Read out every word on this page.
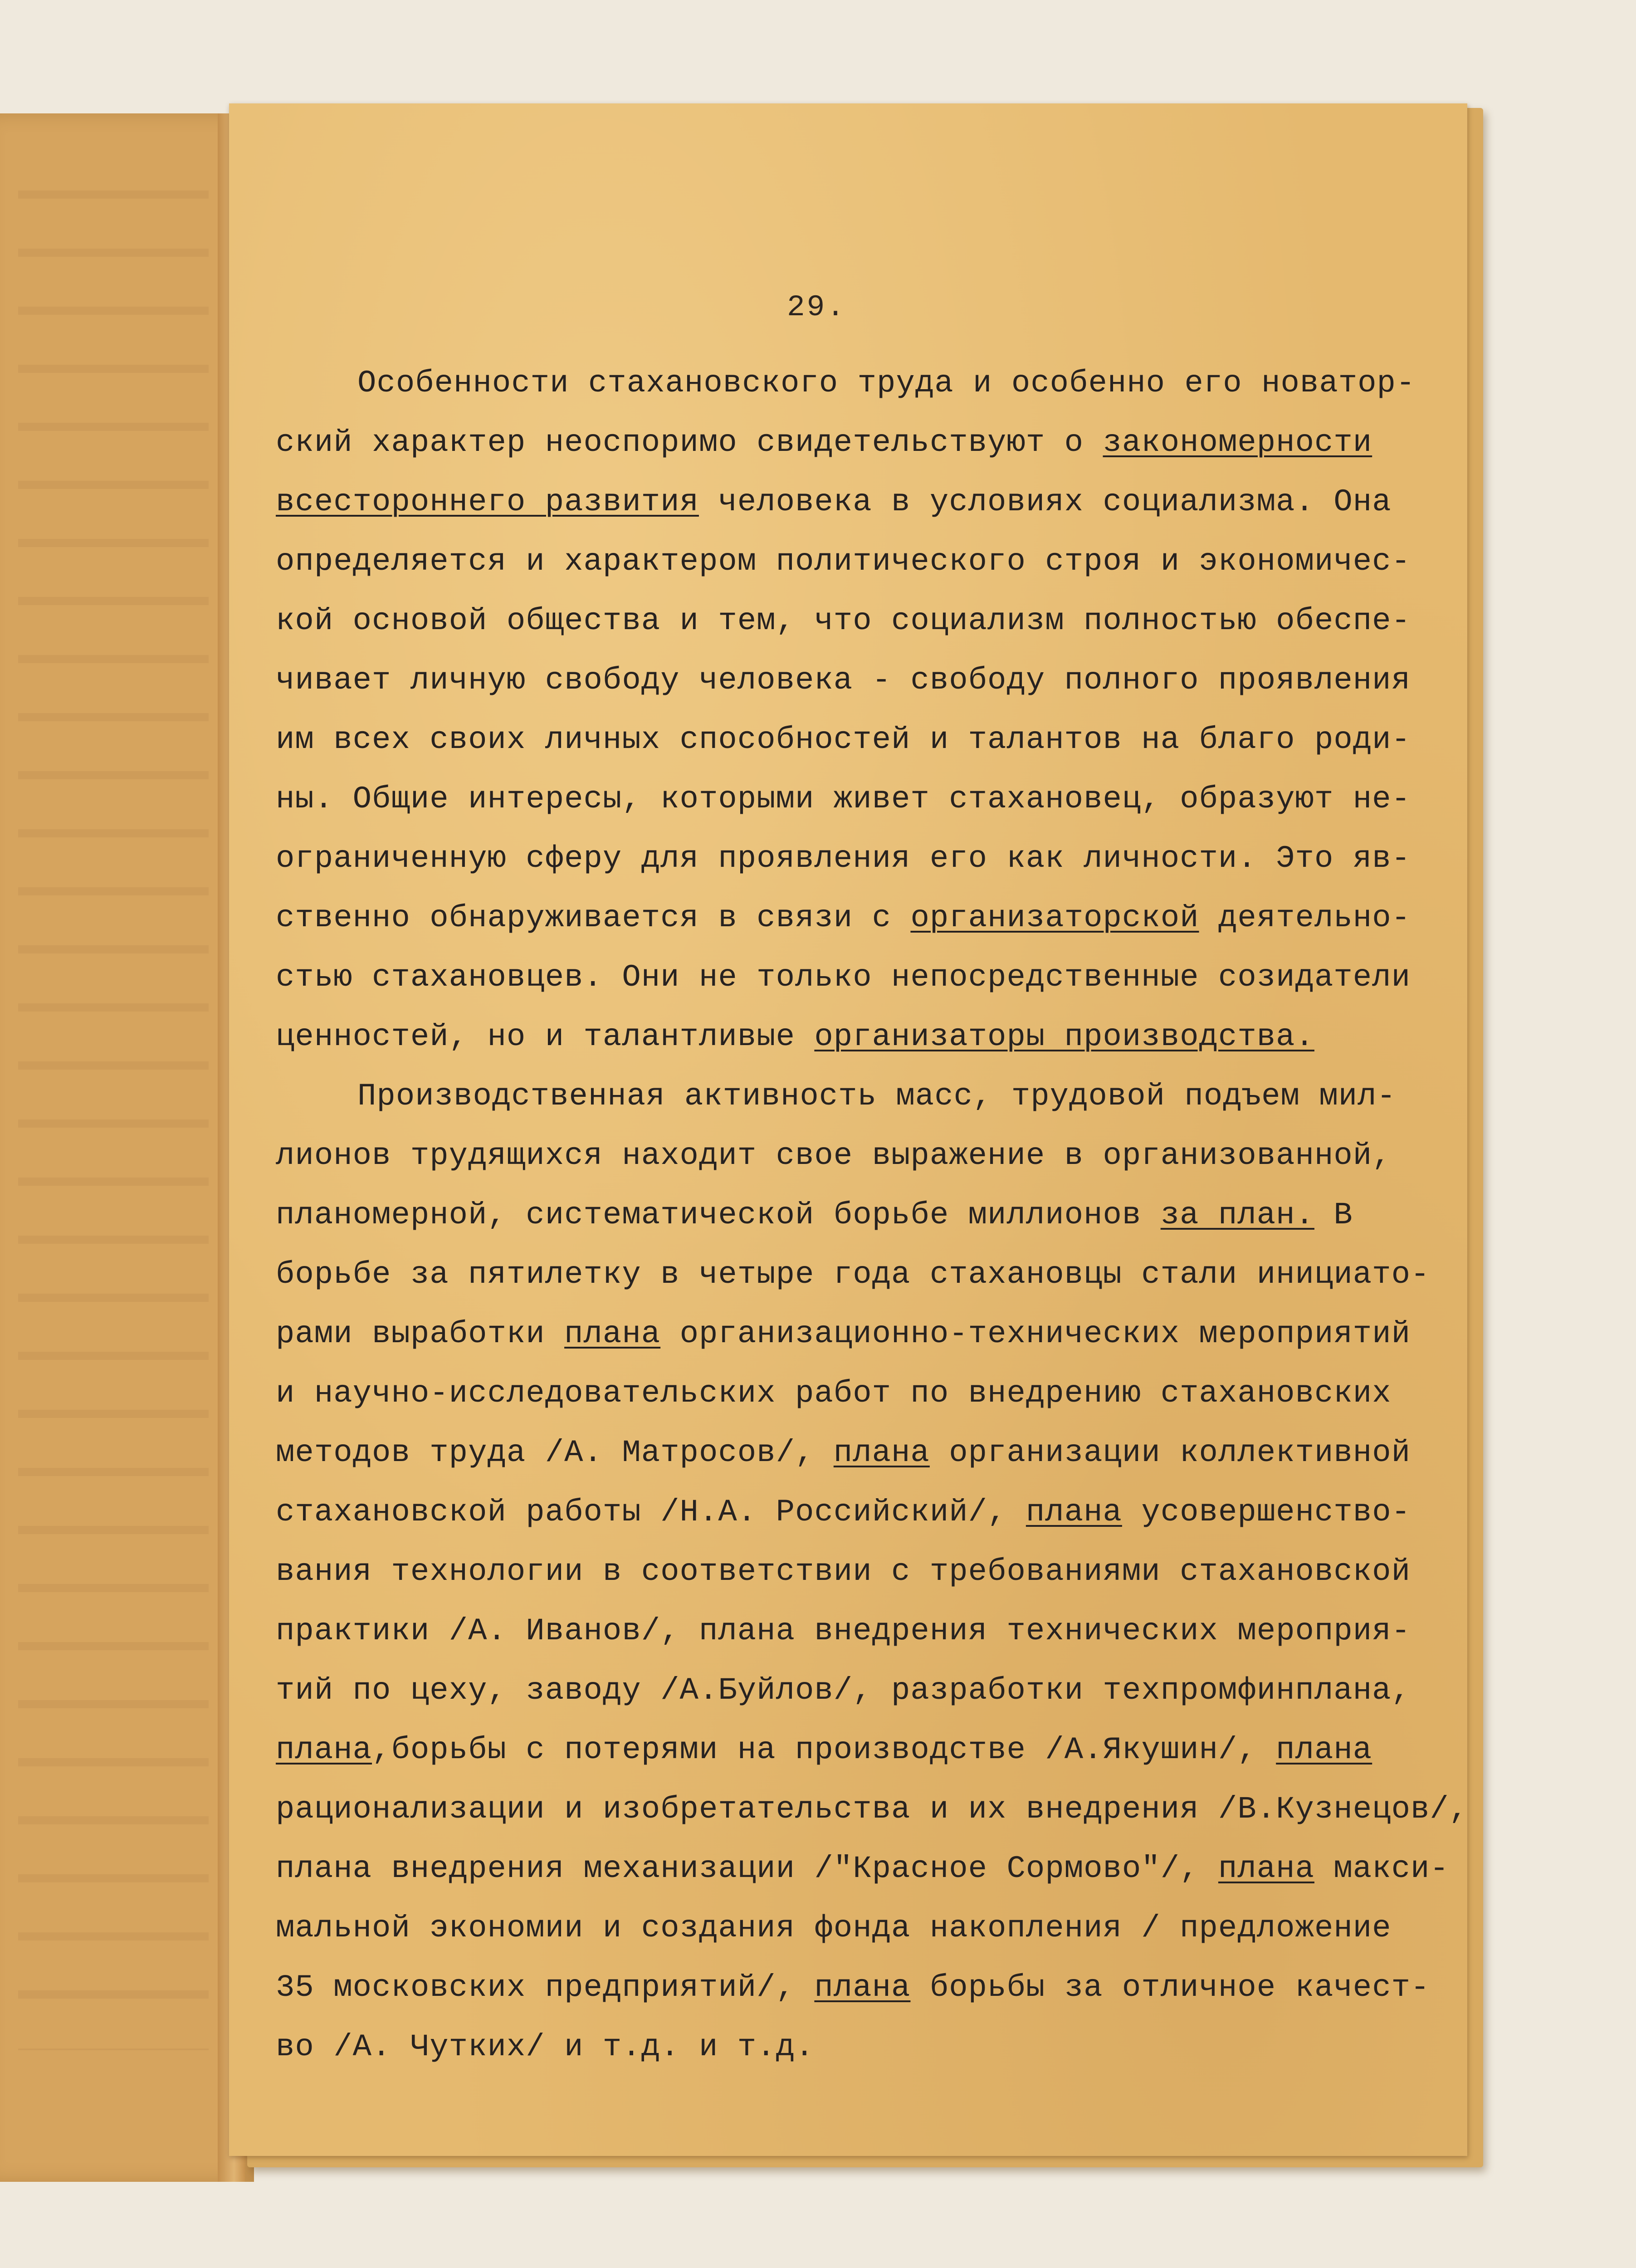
29.
Особенности стахановского труда и особенно его новатор-
ский характер неоспоримо свидетельствуют о закономерности
всестороннего развития человека в условиях социализма. Она
определяется и характером политического строя и экономичес-
кой основой общества и тем, что социализм полностью обеспе-
чивает личную свободу человека - свободу полного проявления
им всех своих личных способностей и талантов на благо роди-
ны. Общие интересы, которыми живет стахановец, образуют не-
ограниченную сферу для проявления его как личности. Это яв-
ственно обнаруживается в связи с организаторской деятельно-
стью стахановцев. Они не только непосредственные созидатели
ценностей, но и талантливые организаторы производства.
Производственная активность масс, трудовой подъем мил-
лионов трудящихся находит свое выражение в организованной,
планомерной, систематической борьбе миллионов за план. В
борьбе за пятилетку в четыре года стахановцы стали инициато-
рами выработки плана организационно-технических мероприятий
и научно-исследовательских работ по внедрению стахановских
методов труда /А. Матросов/, плана организации коллективной
стахановской работы /Н.А. Российский/, плана усовершенство-
вания технологии в соответствии с требованиями стахановской
практики /А. Иванов/, плана внедрения технических мероприя-
тий по цеху, заводу /А.Буйлов/, разработки техпромфинплана,
плана,борьбы с потерями на производстве /А.Якушин/, плана
рационализации и изобретательства и их внедрения /В.Кузнецов/,
плана внедрения механизации /"Красное Сормово"/, плана макси-
мальной экономии и создания фонда накопления / предложение
35 московских предприятий/, плана борьбы за отличное качест-
во /А. Чутких/ и т.д. и т.д.
